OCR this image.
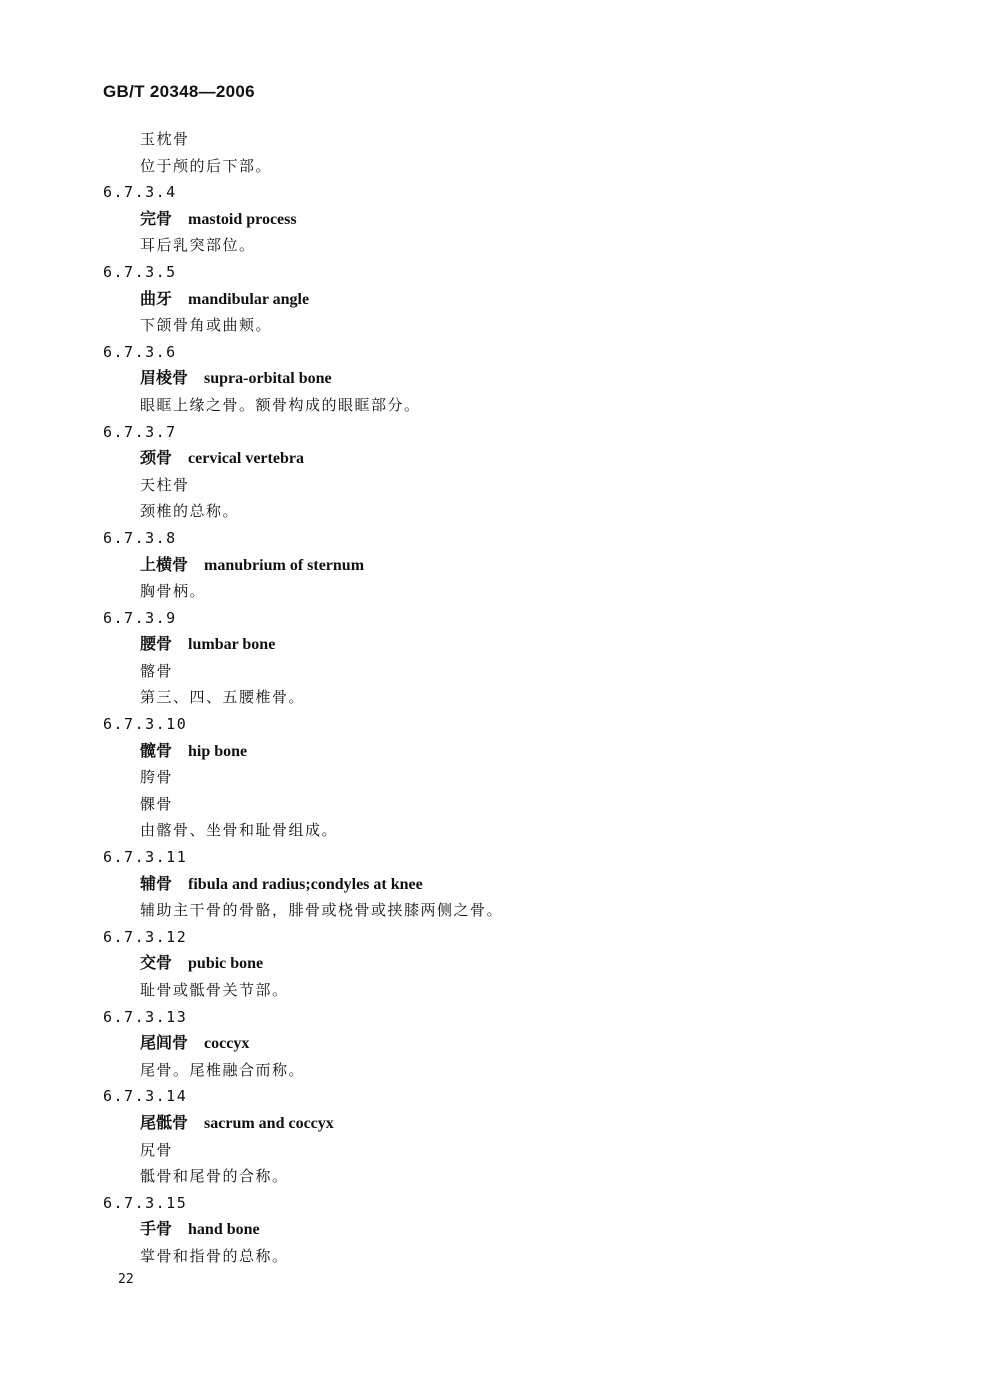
GB/T 20348—2006
玉枕骨
位于颅的后下部。
6.7.3.4
完骨 mastoid process
耳后乳突部位。
6.7.3.5
曲牙 mandibular angle
下颌骨角或曲颊。
6.7.3.6
眉棱骨 supra-orbital bone
眼眶上缘之骨。额骨构成的眼眶部分。
6.7.3.7
颈骨 cervical vertebra
天柱骨
颈椎的总称。
6.7.3.8
上横骨 manubrium of sternum
胸骨柄。
6.7.3.9
腰骨 lumbar bone
髂骨
第三、四、五腰椎骨。
6.7.3.10
髋骨 hip bone
胯骨
髁骨
由髂骨、坐骨和耻骨组成。
6.7.3.11
辅骨 fibula and radius;condyles at knee
辅助主干骨的骨骼，腓骨或桡骨或挟膝两侧之骨。
6.7.3.12
交骨 pubic bone
耻骨或骶骨关节部。
6.7.3.13
尾闾骨 coccyx
尾骨。尾椎融合而称。
6.7.3.14
尾骶骨 sacrum and coccyx
尻骨
骶骨和尾骨的合称。
6.7.3.15
手骨 hand bone
掌骨和指骨的总称。
22
